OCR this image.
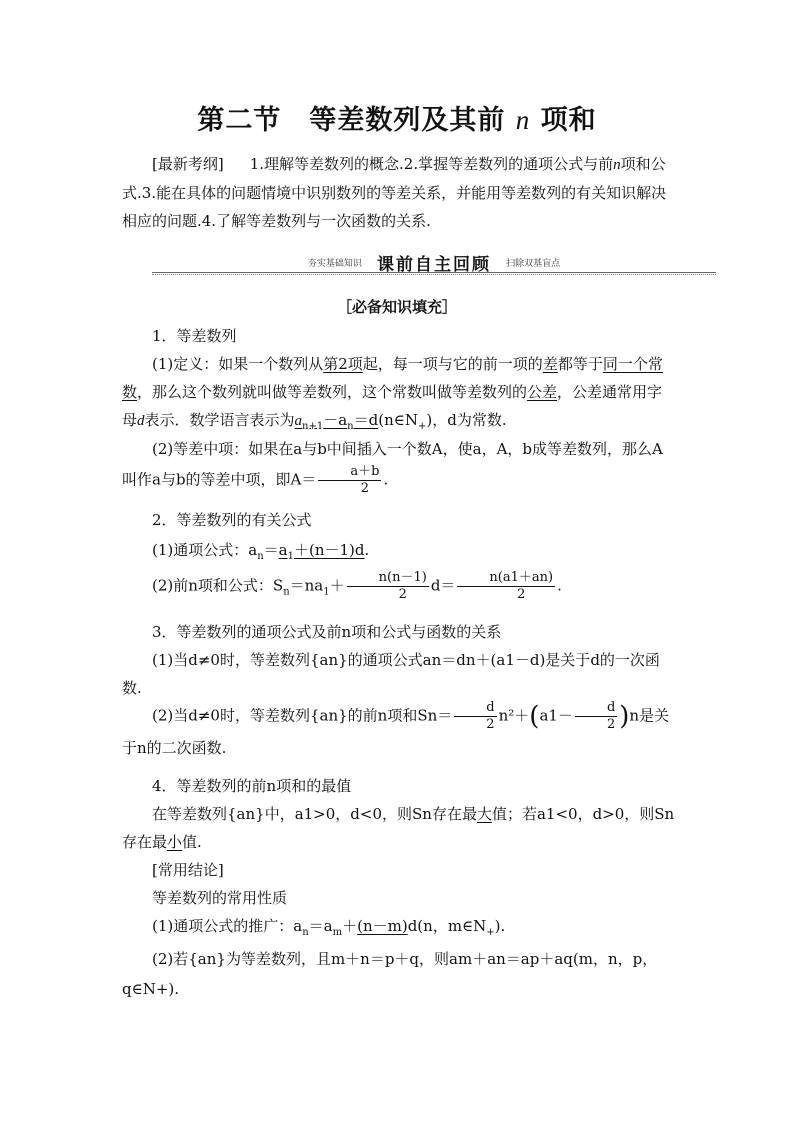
第二节　等差数列及其前 n 项和
[最新考纲] 1.理解等差数列的概念.2.掌握等差数列的通项公式与前n项和公式.3.能在具体的问题情境中识别数列的等差关系，并能用等差数列的有关知识解决相应的问题.4.了解等差数列与一次函数的关系.
夯实基础知识 课前自主回顾 扫除双基盲点
［必备知识填充］
1．等差数列
(1)定义：如果一个数列从第2项起，每一项与它的前一项的差都等于同一个常数，那么这个数列就叫做等差数列，这个常数叫做等差数列的公差，公差通常用字母d表示．数学语言表示为$a_{n+1}-a_n=d(n\in N_+)$，d为常数.
(2)等差中项：如果在a与b中间插入一个数A，使a，A，b成等差数列，那么A叫作a与b的等差中项，即$A= \frac{a+b}{2}$ .
2．等差数列的有关公式
(1)通项公式：$a_n=a_1+(n-1)d$.
(2)前n项和公式：$S_n=na_1+ \frac{n(n-1)}{2} d= \frac{n(a1+an)}{2}$ .
3．等差数列的通项公式及前n项和公式与函数的关系
(1)当d≠0时，等差数列{an}的通项公式an＝dn＋(a1－d)是关于d的一次函数.
(2)当d≠0时，等差数列{an}的前n项和$Sn= \frac{d}{2} n^2+(a1- \frac{d}{2} )n$是关于n的二次函数.
4．等差数列的前n项和的最值
在等差数列{an}中，a1>0，d<0，则Sn存在最大值；若a1<0，d>0，则Sn存在最小值.
[常用结论]
等差数列的常用性质
(1)通项公式的推广：$a_n=a_m+(n-m)d(n$，$m\in N_+$).
(2)若{an}为等差数列，且m＋n＝p＋q，则am＋an＝ap＋aq(m，n，p，q∈N+).
